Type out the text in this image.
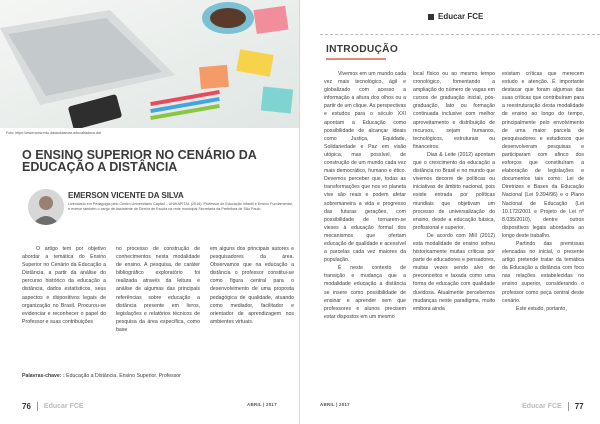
Foto: https://www.www.edu.dasausasmax.educabadeca.dal
O ENSINO SUPERIOR NO CENÁRIO DA
EDUCAÇÃO A DISTÂNCIA
EMERSON VICENTE DA SILVA
Licenciado em Pedagogia pelo Centro Universitário Capital – UNIKAPITAL (2016). Professor de Educação Infantil e Ensino Fundamental, e exerce também o cargo de Assistente de Diretor de Escola na rede municipal Secretaria da Prefeitura de São Paulo.
O artigo tem por objetivo abordar a temática do Ensino Superior no Cenário da Educação a Distância, a partir da análise do percurso histórico da educação a distância, dados estatísticos, seus aspectos e dispositivos legais de organização no Brasil. Procurou-se evidenciar e reconhecer o papel do Professor e suas contribuições
no processo de construção de conhecimentos nesta modalidade de ensino. A pesquisa, de caráter bibliográfico exploratório foi realizada através da leitura e análise de algumas das principais referências sobre educação a distância presente em livros, legislações e relatórios técnicos de pesquisa da área específica, como base
em alguns dos principais autores e pesquisadores da área. Observamos que na educação a distância o professor constitui-se como figura central para o desenvolvimento de uma proposta pedagógica de qualidade, atuando como mediador, facilitador e orientador de aprendizagem nos ambientes virtuais.
Palavras-chave: : Educação a Distância. Ensino Superior. Professor
76 Educar FCE	ABRIL | 2017
Educar FCE
INTRODUÇÃO

Vivemos em um mundo cada vez mais tecnológico, ágil e globalizado com acesso a informação a altura dos olhos ou a partir de um clique. As perspectivas e estudos para o século XXI apontam a Educação como possibilidade de alcançar ideais como Justiça, Equidade, Solidariedade e Paz em visão utópica, mas possível, de construção de um mundo cada vez mais democrático, humano e ético. Devemos perceber que, todas as transformações que nos vo planeta vive são reais e podem afetar sobremaneira a vida e progresso das futuras gerações, com possibilidade de tornarem-se vieses à educação formal dos mecanismos que ofertam educação de qualidade e acessível a parcelas cada vez maiores da população.

É neste contexto de transição e mudança que a modalidade educação a distância se insere como possibilidade de ensinar e aprender sem que professores e alunos precisem estar dispostos em um mesmo

local físico ou ao mesmo tempo cronológico, fomentando a ampliação do número de vagas em cursos de graduação inicial, pós-graduação, lato ou formação continuada inclusive com melhor aproveitamento e distribuição de recursos, sejam humanos, tecnológicos, estruturais ou financeiros.

Dias & Leite (2012) apontam que o crescimento da educação a distância no Brasil e no mundo que vivemos decorre de políticas ou iniciativas de âmbito nacional, pois existe entrada por políticas mundiais que objetivam um processo de universalização do ensino, desde a educação básica, profissional e superior.

De acordo com Mill (2012) esta modalidade de ensino sofreu historicamente muitas críticas por parte de educadores e pensadores, muitas vezes sendo alvo de preconceitos e taxada como uma forma de educação com qualidade duvidosa. Atualmente percebemos mudanças neste paradigma, muito embora ainda

existam críticas que merecem estudo e atenção. É importante destacar que foram algumas das suas críticas que contribuíram para a reestruturação desta modalidade de ensino ao longo do tempo, principalmente pelo envolvimento de uma maior parcela de pesquisadores e estudiosos que desenvolveram pesquisas e participaram com afinco dos esforços que constituíram a elaboração de legislações e documentos tais como: Lei de Diretrizes e Bases da Educação Nacional (Lei 9.394/96) e o Plano Nacional de Educação (Lei 10.172/2001 e Projeto de Lei nº 8.035/2010), dentre outros dispositivos legais abordados ao longo deste trabalho.

Partindo das premissas elencadas no inicial, o presente artigo pretende tratar da temática da Educação a distância com foco nas relações estabelecidas no ensino superior, considerando o professor como peça central deste cenário.

Este estudo, portanto,

ABRIL | 2017	Educar FCE 77
